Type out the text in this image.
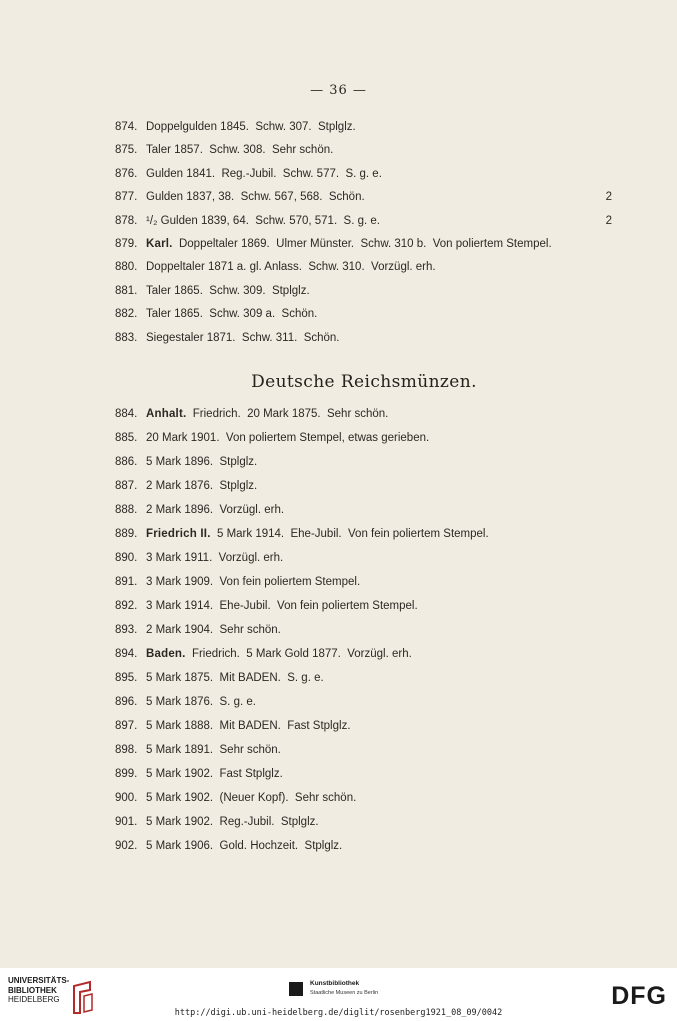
— 36 —
874. Doppelgulden 1845.  Schw. 307.  Stplglz.
875. Taler 1857.  Schw. 308.  Sehr schön.
876. Gulden 1841.  Reg.-Jubil.  Schw. 577.  S. g. e.
877. Gulden 1837, 38.  Schw. 567, 568.  Schön.	2
878. ¹/₂ Gulden 1839, 64.  Schw. 570, 571.  S. g. e.	2
879. Karl. Doppeltaler 1869.  Ulmer Münster.  Schw. 310 b.  Von poliertem Stempel.
880. Doppeltaler 1871 a. gl. Anlass.  Schw. 310.  Vorzügl. erh.
881. Taler 1865.  Schw. 309.  Stplglz.
882. Taler 1865.  Schw. 309 a.  Schön.
883. Siegestaler 1871.  Schw. 311.  Schön.
Deutsche Reichsmünzen.
884. Anhalt. Friedrich.  20 Mark 1875.  Sehr schön.
885. 20 Mark 1901.  Von poliertem Stempel, etwas gerieben.
886. 5 Mark 1896.  Stplglz.
887. 2 Mark 1876.  Stplglz.
888. 2 Mark 1896.  Vorzügl. erh.
889. Friedrich II. 5 Mark 1914.  Ehe-Jubil.  Von fein poliertem Stempel.
890. 3 Mark 1911.  Vorzügl. erh.
891. 3 Mark 1909.  Von fein poliertem Stempel.
892. 3 Mark 1914.  Ehe-Jubil.  Von fein poliertem Stempel.
893. 2 Mark 1904.  Sehr schön.
894. Baden. Friedrich.  5 Mark Gold 1877.  Vorzügl. erh.
895. 5 Mark 1875.  Mit BADEN.  S. g. e.
896. 5 Mark 1876.  S. g. e.
897. 5 Mark 1888.  Mit BADEN.  Fast Stplglz.
898. 5 Mark 1891.  Sehr schön.
899. 5 Mark 1902.  Fast Stplglz.
900. 5 Mark 1902.  (Neuer Kopf).  Sehr schön.
901. 5 Mark 1902.  Reg.-Jubil.  Stplglz.
902. 5 Mark 1906.  Gold. Hochzeit.  Stplglz.
UNIVERSITÄTS-
BIBLIOTHEK
HEIDELBERG
Kunstbibliothek
Staatliche Museen zu Berlin	DFG
http://digi.ub.uni-heidelberg.de/diglit/rosenberg1921_08_09/0042
